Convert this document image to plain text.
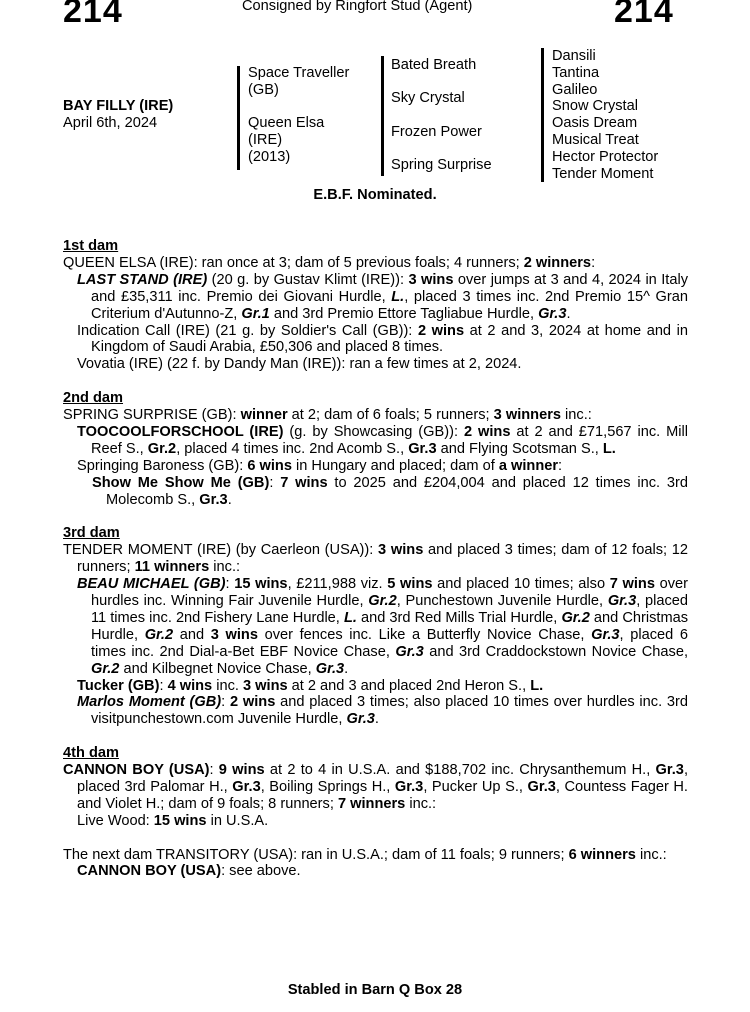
214	Consigned by Ringfort Stud (Agent)	214
BAY FILLY (IRE)
April 6th, 2024
Space Traveller
(GB)
Queen Elsa
(IRE)
(2013)
Bated Breath
Sky Crystal
Frozen Power
Spring Surprise
Dansili
Tantina
Galileo
Snow Crystal
Oasis Dream
Musical Treat
Hector Protector
Tender Moment
E.B.F. Nominated.
1st dam
QUEEN ELSA (IRE): ran once at 3; dam of 5 previous foals; 4 runners; 2 winners:
LAST STAND (IRE) (20 g. by Gustav Klimt (IRE)): 3 wins over jumps at 3 and 4, 2024 in Italy and £35,311 inc. Premio dei Giovani Hurdle, L., placed 3 times inc. 2nd Premio 15^ Gran Criterium d'Autunno-Z, Gr.1 and 3rd Premio Ettore Tagliabue Hurdle, Gr.3.
Indication Call (IRE) (21 g. by Soldier's Call (GB)): 2 wins at 2 and 3, 2024 at home and in Kingdom of Saudi Arabia, £50,306 and placed 8 times.
Vovatia (IRE) (22 f. by Dandy Man (IRE)): ran a few times at 2, 2024.
2nd dam
SPRING SURPRISE (GB): winner at 2; dam of 6 foals; 5 runners; 3 winners inc.:
TOOCOOLFORSCHOOL (IRE) (g. by Showcasing (GB)): 2 wins at 2 and £71,567 inc. Mill Reef S., Gr.2, placed 4 times inc. 2nd Acomb S., Gr.3 and Flying Scotsman S., L.
Springing Baroness (GB): 6 wins in Hungary and placed; dam of a winner:
Show Me Show Me (GB): 7 wins to 2025 and £204,004 and placed 12 times inc. 3rd Molecomb S., Gr.3.
3rd dam
TENDER MOMENT (IRE) (by Caerleon (USA)): 3 wins and placed 3 times; dam of 12 foals; 12 runners; 11 winners inc.:
BEAU MICHAEL (GB): 15 wins, £211,988 viz. 5 wins and placed 10 times; also 7 wins over hurdles inc. Winning Fair Juvenile Hurdle, Gr.2, Punchestown Juvenile Hurdle, Gr.3, placed 11 times inc. 2nd Fishery Lane Hurdle, L. and 3rd Red Mills Trial Hurdle, Gr.2 and Christmas Hurdle, Gr.2 and 3 wins over fences inc. Like a Butterfly Novice Chase, Gr.3, placed 6 times inc. 2nd Dial-a-Bet EBF Novice Chase, Gr.3 and 3rd Craddockstown Novice Chase, Gr.2 and Kilbegnet Novice Chase, Gr.3.
Tucker (GB): 4 wins inc. 3 wins at 2 and 3 and placed 2nd Heron S., L.
Marlos Moment (GB): 2 wins and placed 3 times; also placed 10 times over hurdles inc. 3rd visitpunchestown.com Juvenile Hurdle, Gr.3.
4th dam
CANNON BOY (USA): 9 wins at 2 to 4 in U.S.A. and $188,702 inc. Chrysanthemum H., Gr.3, placed 3rd Palomar H., Gr.3, Boiling Springs H., Gr.3, Pucker Up S., Gr.3, Countess Fager H. and Violet H.; dam of 9 foals; 8 runners; 7 winners inc.:
Live Wood: 15 wins in U.S.A.
The next dam TRANSITORY (USA): ran in U.S.A.; dam of 11 foals; 9 runners; 6 winners inc.:
CANNON BOY (USA): see above.
Stabled in Barn Q Box 28
